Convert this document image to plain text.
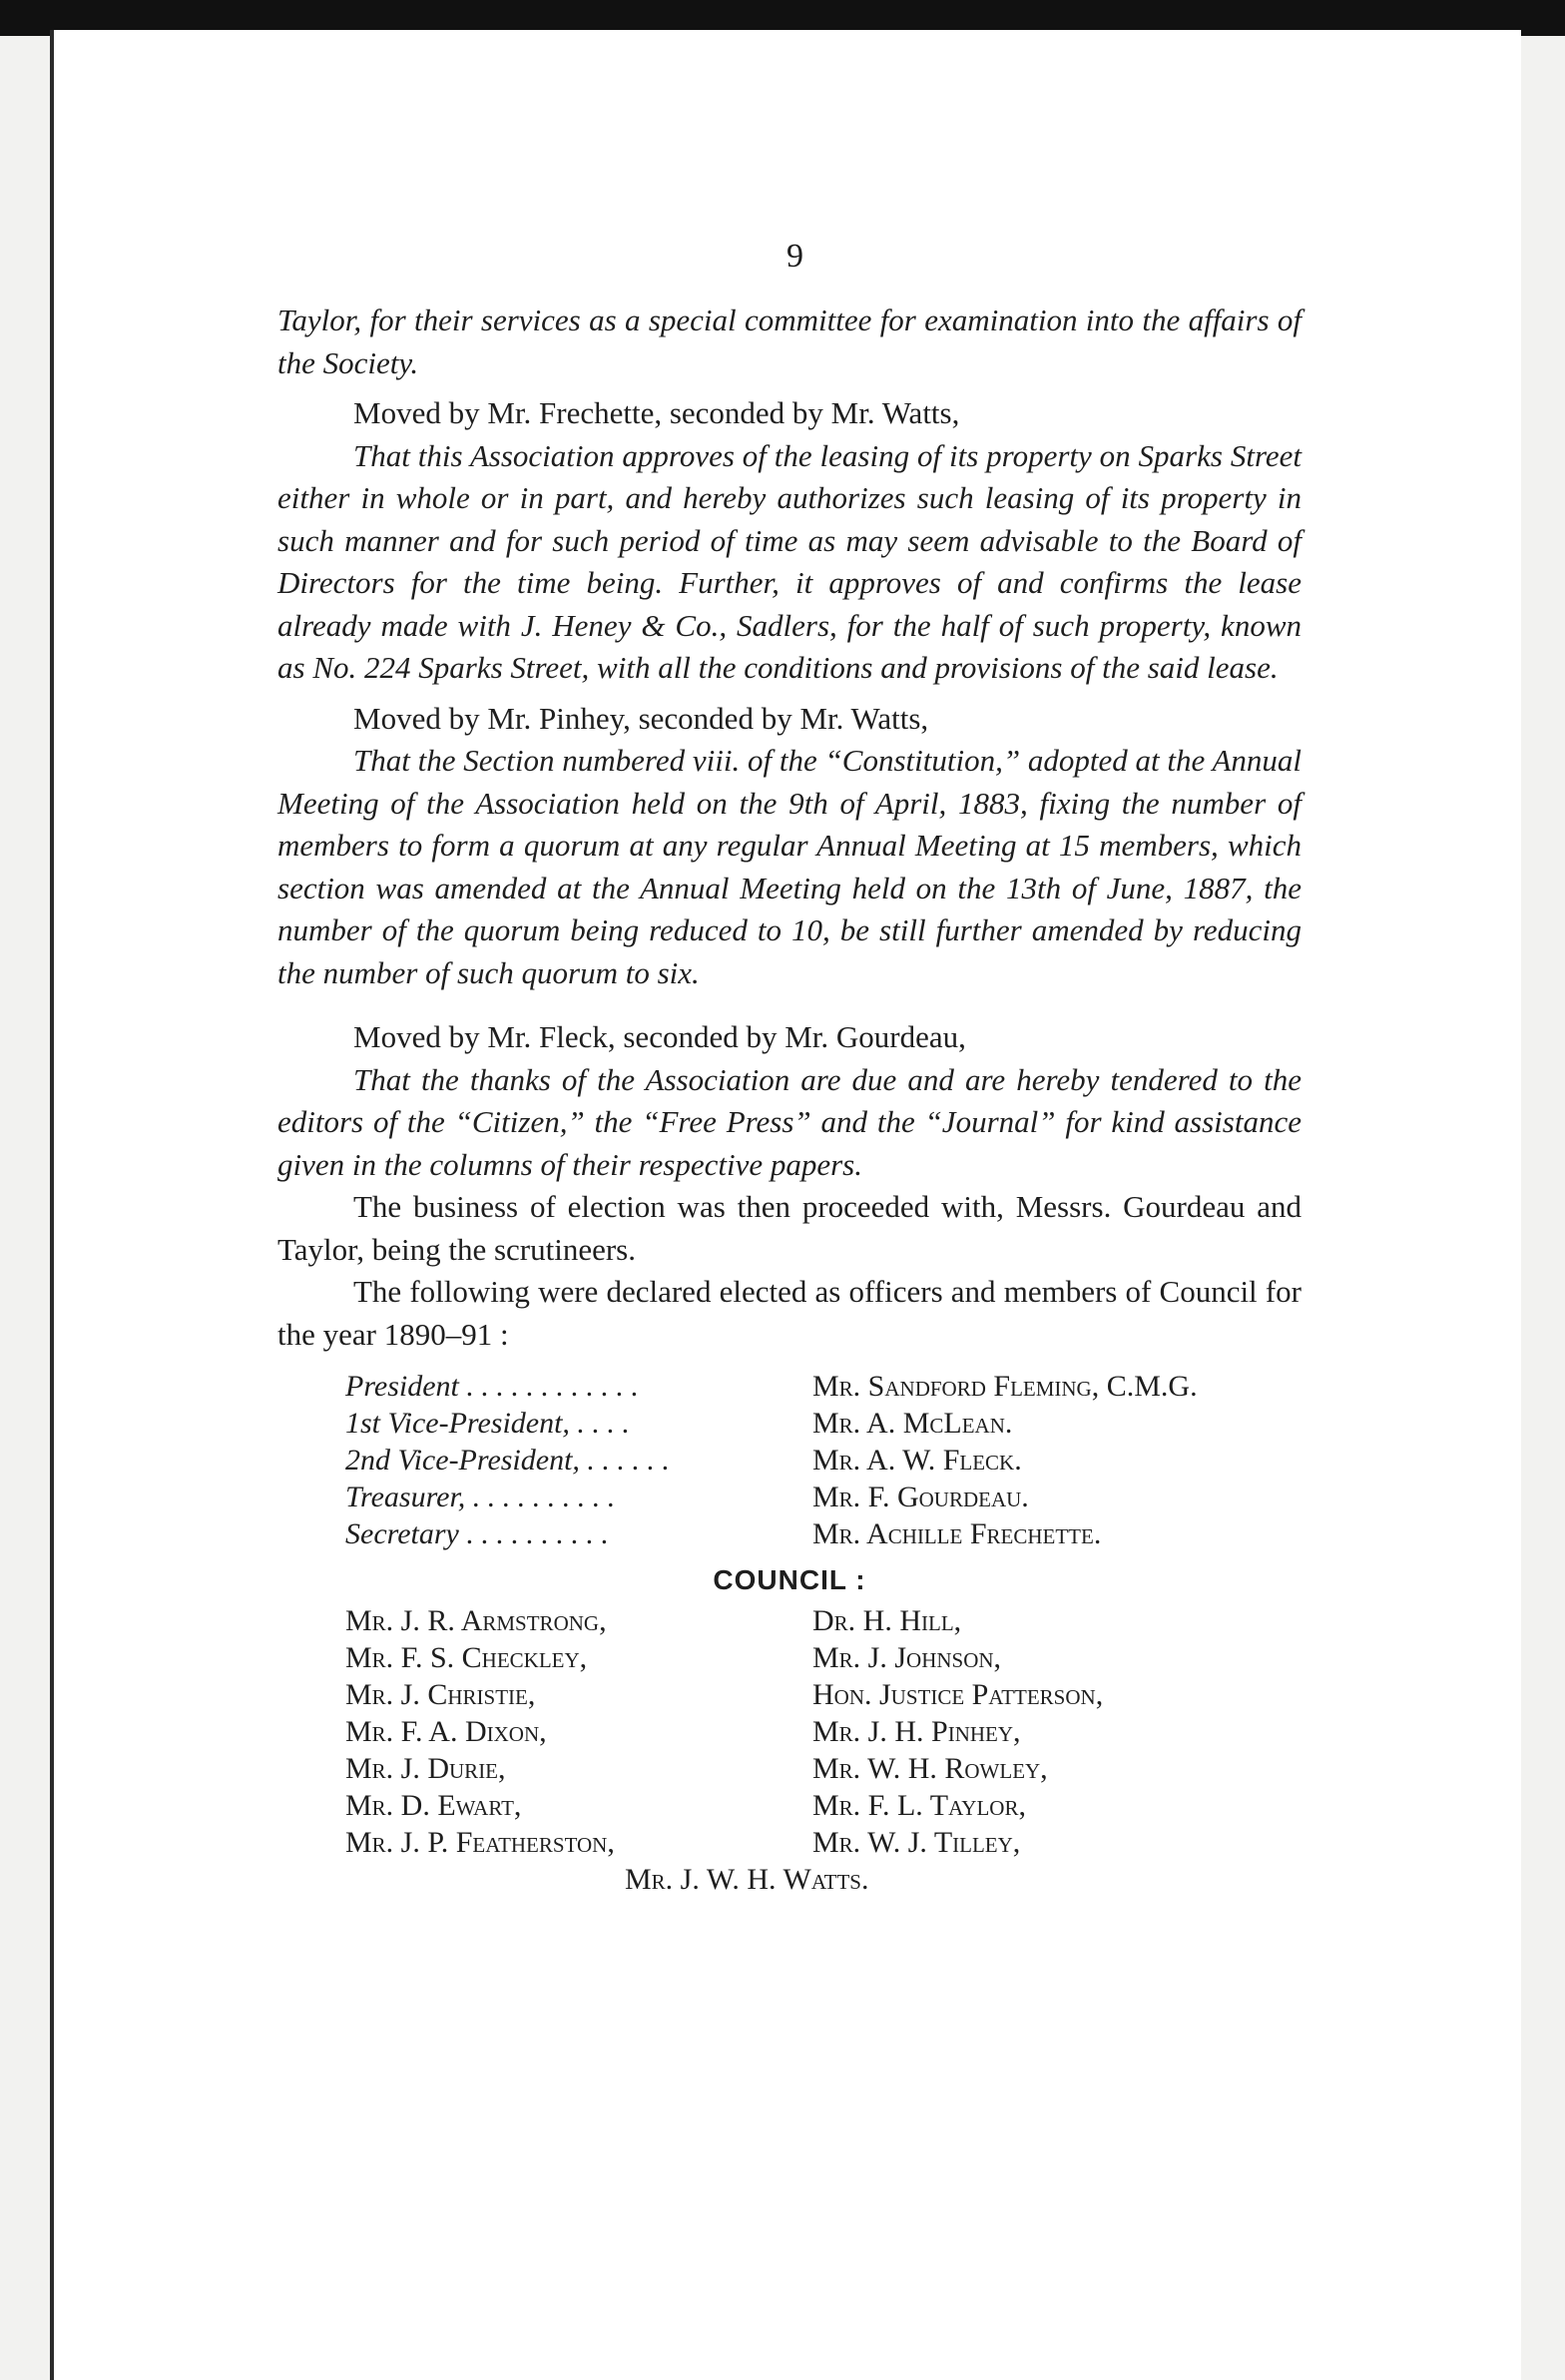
9

Taylor, for their services as a special committee for examination into the affairs of the Society.

Moved by Mr. Frechette, seconded by Mr. Watts,

That this Association approves of the leasing of its property on Sparks Street either in whole or in part, and hereby authorizes such leasing of its property in such manner and for such period of time as may seem advisable to the Board of Directors for the time being. Further, it approves of and confirms the lease already made with J. Heney & Co., Sadlers, for the half of such property, known as No. 224 Sparks Street, with all the conditions and provisions of the said lease.

Moved by Mr. Pinhey, seconded by Mr. Watts,

That the Section numbered viii. of the “Constitution,” adopted at the Annual Meeting of the Association held on the 9th of April, 1883, fixing the number of members to form a quorum at any regular Annual Meeting at 15 members, which section was amended at the Annual Meeting held on the 13th of June, 1887, the number of the quorum being reduced to 10, be still further amended by reducing the number of such quorum to six.

Moved by Mr. Fleck, seconded by Mr. Gourdeau,

That the thanks of the Association are due and are hereby tendered to the editors of the “Citizen,” the “Free Press” and the “Journal” for kind assistance given in the columns of their respective papers.

The business of election was then proceeded with, Messrs. Gourdeau and Taylor, being the scrutineers.

The following were declared elected as officers and members of Council for the year 1890–91 :

President . . . . . . . . . . . .	Mr. Sandford Fleming, C.M.G.
1st Vice-President, . . . .	Mr. A. McLean.
2nd Vice-President, . . . . . .	Mr. A. W. Fleck.
Treasurer, . . . . . . . . . .	Mr. F. Gourdeau.
Secretary . . . . . . . . . .	Mr. Achille Frechette.
COUNCIL :
Mr. J. R. Armstrong,	Dr. H. Hill,
Mr. F. S. Checkley,	Mr. J. Johnson,
Mr. J. Christie,	Hon. Justice Patterson,
Mr. F. A. Dixon,	Mr. J. H. Pinhey,
Mr. J. Durie,	Mr. W. H. Rowley,
Mr. D. Ewart,	Mr. F. L. Taylor,
Mr. J. P. Featherston,	Mr. W. J. Tilley,
Mr. J. W. H. Watts.
